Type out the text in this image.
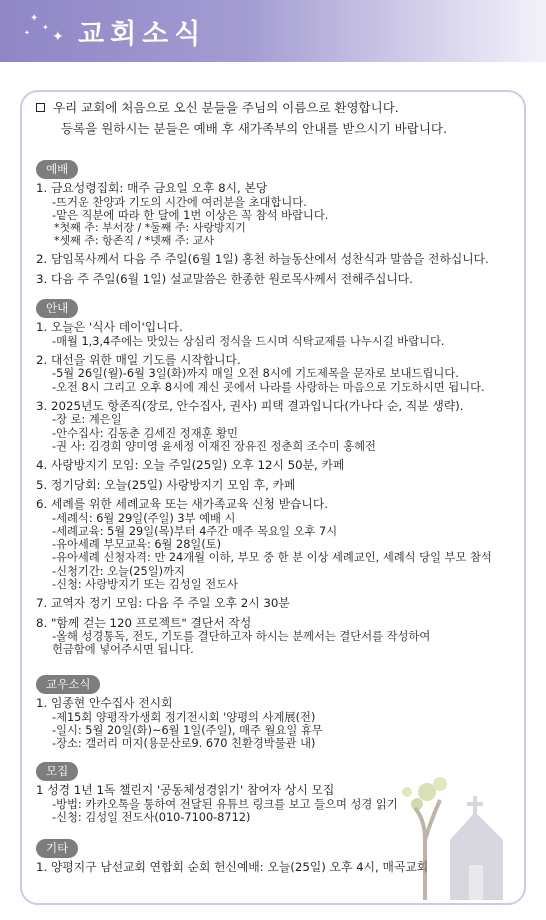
✦
✦
✦ ✦ 교회소식
우리 교회에 처음으로 오신 분들을 주님의 이름으로 환영합니다.
등록을 원하시는 분들은 예배 후 새가족부의 안내를 받으시기 바랍니다.
예배
1. 금요성령집회: 매주 금요일 오후 8시, 본당
-뜨거운 찬양과 기도의 시간에 여러분을 초대합니다.
-맡은 직분에 따라 한 달에 1번 이상은 꼭 참석 바랍니다.
*첫째 주: 부서장 / *둘째 주: 사랑방지기
*셋째 주: 항존직 / *넷째 주: 교사
2. 담임목사께서 다음 주 주일(6월 1일) 홍천 하늘동산에서 성찬식과 말씀을 전하십니다.
3. 다음 주 주일(6월 1일) 설교말씀은 한종한 원로목사께서 전해주십니다.
안내
1. 오늘은 '식사 데이'입니다.
-매월 1,3,4주에는 맛있는 상심리 정식을 드시며 식탁교제를 나누시길 바랍니다.
2. 대선을 위한 매일 기도를 시작합니다.
-5월 26일(월)-6월 3일(화)까지 매일 오전 8시에 기도제목을 문자로 보내드립니다.
-오전 8시 그리고 오후 8시에 계신 곳에서 나라를 사랑하는 마음으로 기도하시면 됩니다.
3. 2025년도 항존직(장로, 안수집사, 권사) 피택 결과입니다(가나다 순, 직분 생략).
-장 로: 계은일
-안수집사: 김동춘 김세진 정재훈 황민
-권 사: 김경희 양미영 윤세정 이재진 장유진 정춘희 조수미 홍혜전
4. 사랑방지기 모임: 오늘 주일(25일) 오후 12시 50분, 카페
5. 정기당회: 오늘(25일) 사랑방지기 모임 후, 카페
6. 세례를 위한 세례교육 또는 새가족교육 신청 받습니다.
-세례식: 6월 29일(주일) 3부 예배 시
-세례교육: 5월 29일(목)부터 4주간 매주 목요일 오후 7시
-유아세례 부모교육: 6월 28일(토)
-유아세례 신청자격: 만 24개월 이하, 부모 중 한 분 이상 세례교인, 세례식 당일 부모 참석
-신청기간: 오늘(25일)까지
-신청: 사랑방지기 또는 김성일 전도사
7. 교역자 정기 모임: 다음 주 주일 오후 2시 30분
8. "함께 걷는 120 프로젝트" 결단서 작성
-올해 성경통독, 전도, 기도를 결단하고자 하시는 분께서는 결단서를 작성하여
헌금함에 넣어주시면 됩니다.
교우소식
1. 임종현 안수집사 전시회
-제15회 양평작가생회 정기전시회 '양평의 사계展(전)
-일시: 5월 20일(화)~6월 1일(주일), 매주 월요일 휴무
-장소: 갤러리 미지(용문산로9. 670 친환경박물관 내)
모집
1 성경 1년 1독 챌린지 '공동체성경읽기' 참여자 상시 모집
-방법: 카카오톡을 통하여 전달된 유튜브 링크를 보고 들으며 성경 읽기
-신청: 김성일 전도사(010-7100-8712)
기타
1. 양평지구 남선교회 연합회 순회 헌신예배: 오늘(25일) 오후 4시, 매곡교회
